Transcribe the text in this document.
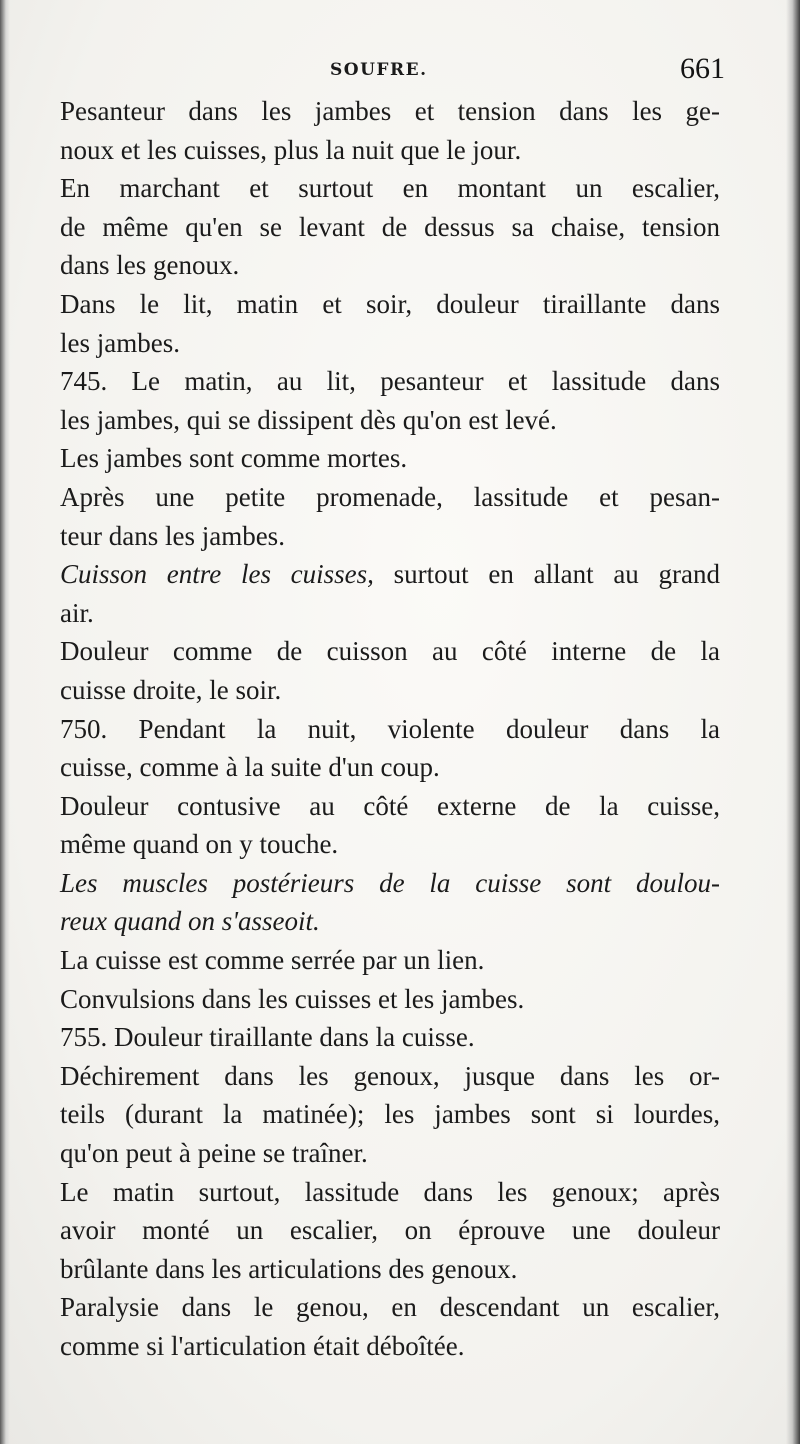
SOUFRE.	661
Pesanteur dans les jambes et tension dans les ge-
noux et les cuisses, plus la nuit que le jour.
En marchant et surtout en montant un escalier,
de même qu'en se levant de dessus sa chaise, tension
dans les genoux.
Dans le lit, matin et soir, douleur tiraillante dans
les jambes.
745. Le matin, au lit, pesanteur et lassitude dans
les jambes, qui se dissipent dès qu'on est levé.
Les jambes sont comme mortes.
Après une petite promenade, lassitude et pesan-
teur dans les jambes.
Cuisson entre les cuisses, surtout en allant au grand
air.
Douleur comme de cuisson au côté interne de la
cuisse droite, le soir.
750. Pendant la nuit, violente douleur dans la
cuisse, comme à la suite d'un coup.
Douleur contusive au côté externe de la cuisse,
même quand on y touche.
Les muscles postérieurs de la cuisse sont doulou-
reux quand on s'asseoit.
La cuisse est comme serrée par un lien.
Convulsions dans les cuisses et les jambes.
755. Douleur tiraillante dans la cuisse.
Déchirement dans les genoux, jusque dans les or-
teils (durant la matinée); les jambes sont si lourdes,
qu'on peut à peine se traîner.
Le matin surtout, lassitude dans les genoux; après
avoir monté un escalier, on éprouve une douleur
brûlante dans les articulations des genoux.
Paralysie dans le genou, en descendant un escalier,
comme si l'articulation était déboîtée.
